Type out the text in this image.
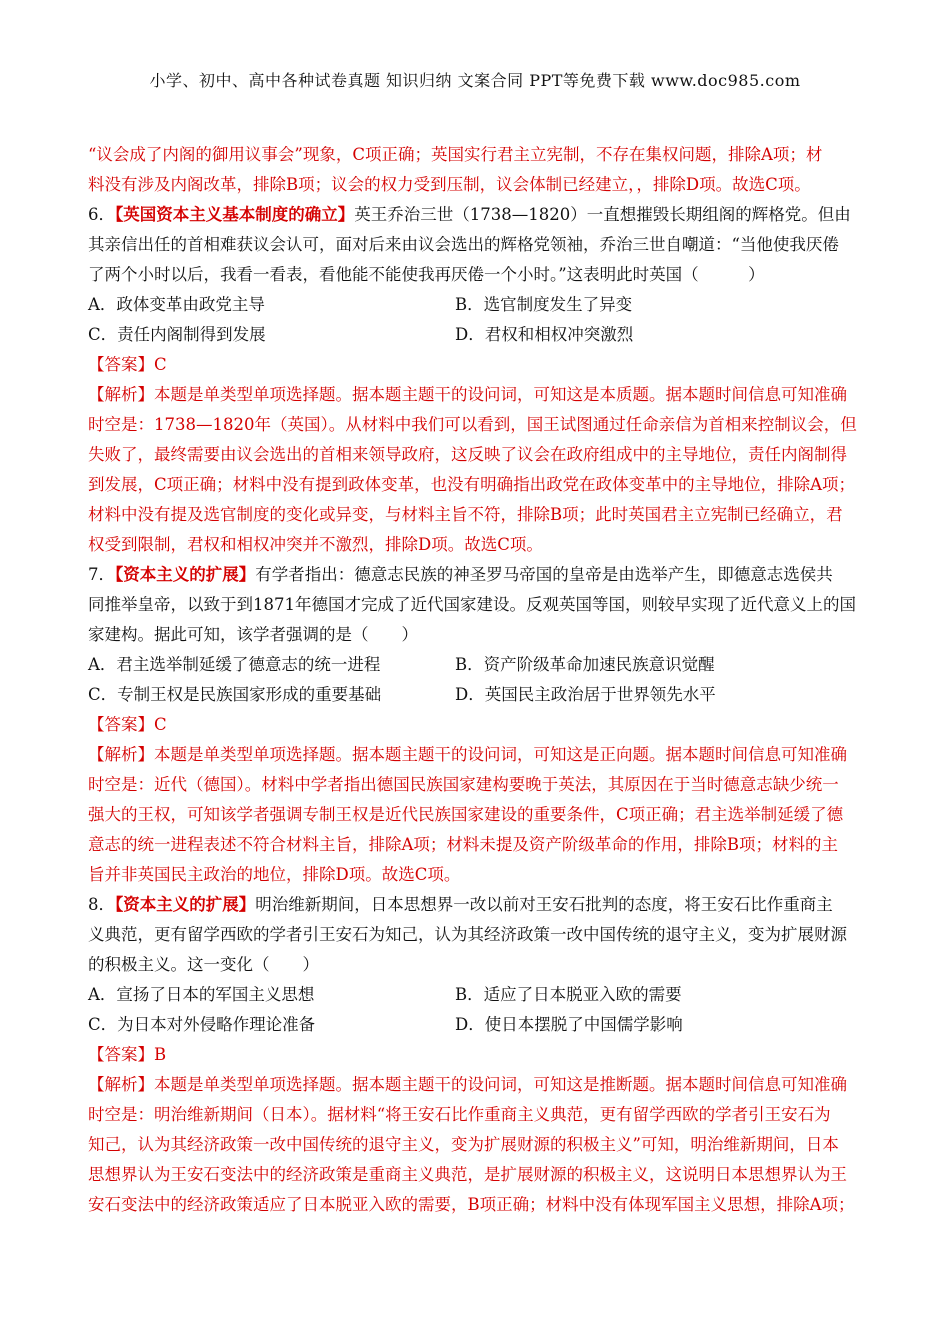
小学、初中、高中各种试卷真题 知识归纳 文案合同 PPT等免费下载 www.doc985.com

“议会成了内阁的御用议事会”现象，C项正确；英国实行君主立宪制，不存在集权问题，排除A项；材

料没有涉及内阁改革，排除B项；议会的权力受到压制，议会体制已经建立，，排除D项。故选C项。

6．【英国资本主义基本制度的确立】英王乔治三世（1738—1820）一直想摧毁长期组阁的辉格党。但由

其亲信出任的首相难获议会认可，面对后来由议会选出的辉格党领袖，乔治三世自嘲道：“当他使我厌倦

了两个小时以后，我看一看表，看他能不能使我再厌倦一个小时。”这表明此时英国（　　　）

A．政体变革由政党主导	B．选官制度发生了异变
C．责任内阁制得到发展	D．君权和相权冲突激烈

【答案】C

【解析】本题是单类型单项选择题。据本题主题干的设问词，可知这是本质题。据本题时间信息可知准确

时空是：1738—1820年（英国）。从材料中我们可以看到，国王试图通过任命亲信为首相来控制议会，但

失败了，最终需要由议会选出的首相来领导政府，这反映了议会在政府组成中的主导地位，责任内阁制得

到发展，C项正确；材料中没有提到政体变革，也没有明确指出政党在政体变革中的主导地位，排除A项；

材料中没有提及选官制度的变化或异变，与材料主旨不符，排除B项；此时英国君主立宪制已经确立，君

权受到限制，君权和相权冲突并不激烈，排除D项。故选C项。

7．【资本主义的扩展】有学者指出：德意志民族的神圣罗马帝国的皇帝是由选举产生，即德意志选侯共

同推举皇帝，以致于到1871年德国才完成了近代国家建设。反观英国等国，则较早实现了近代意义上的国

家建构。据此可知，该学者强调的是（　　）

A．君主选举制延缓了德意志的统一进程	B．资产阶级革命加速民族意识觉醒
C．专制王权是民族国家形成的重要基础	D．英国民主政治居于世界领先水平

【答案】C

【解析】本题是单类型单项选择题。据本题主题干的设问词，可知这是正向题。据本题时间信息可知准确

时空是：近代（德国）。材料中学者指出德国民族国家建构要晚于英法，其原因在于当时德意志缺少统一

强大的王权，可知该学者强调专制王权是近代民族国家建设的重要条件，C项正确；君主选举制延缓了德

意志的统一进程表述不符合材料主旨，排除A项；材料未提及资产阶级革命的作用，排除B项；材料的主

旨并非英国民主政治的地位，排除D项。故选C项。

8．【资本主义的扩展】明治维新期间，日本思想界一改以前对王安石批判的态度，将王安石比作重商主

义典范，更有留学西欧的学者引王安石为知己，认为其经济政策一改中国传统的退守主义，变为扩展财源

的积极主义。这一变化（　　）

A．宣扬了日本的军国主义思想	B．适应了日本脱亚入欧的需要
C．为日本对外侵略作理论准备	D．使日本摆脱了中国儒学影响

【答案】B

【解析】本题是单类型单项选择题。据本题主题干的设问词，可知这是推断题。据本题时间信息可知准确

时空是：明治维新期间（日本）。据材料“将王安石比作重商主义典范，更有留学西欧的学者引王安石为

知己，认为其经济政策一改中国传统的退守主义，变为扩展财源的积极主义”可知，明治维新期间，日本

思想界认为王安石变法中的经济政策是重商主义典范，是扩展财源的积极主义，这说明日本思想界认为王

安石变法中的经济政策适应了日本脱亚入欧的需要，B项正确；材料中没有体现军国主义思想，排除A项；
